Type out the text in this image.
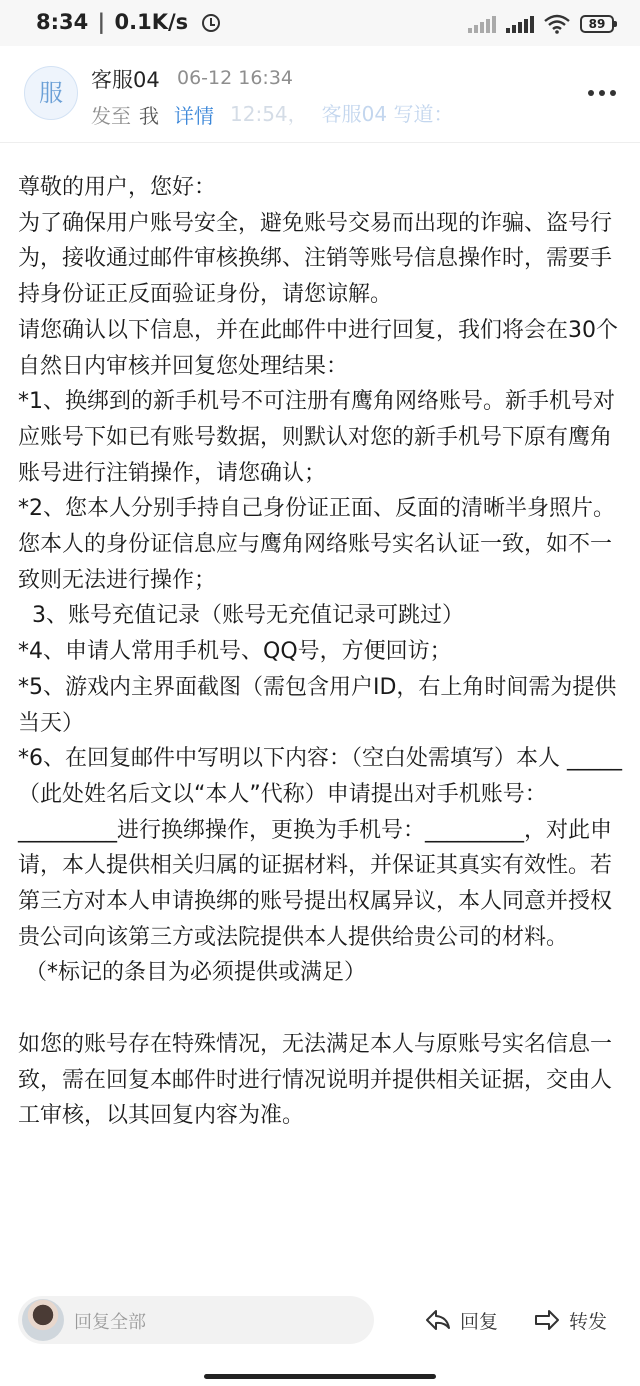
8:34 | 0.1K/s	89
服	客服04 06-12 16:34
12:54， 客服04 写道：
发至 我 详情

尊敬的用户，您好：

为了确保用户账号安全，避免账号交易而出现的诈骗、盗号行为，接收通过邮件审核换绑、注销等账号信息操作时，需要手持身份证正反面验证身份，请您谅解。

请您确认以下信息，并在此邮件中进行回复，我们将会在30个自然日内审核并回复您处理结果：

*1、换绑到的新手机号不可注册有鹰角网络账号。新手机号对应账号下如已有账号数据，则默认对您的新手机号下原有鹰角账号进行注销操作，请您确认；

*2、您本人分别手持自己身份证正面、反面的清晰半身照片。您本人的身份证信息应与鹰角网络账号实名认证一致，如不一致则无法进行操作；

3、账号充值记录（账号无充值记录可跳过）

*4、申请人常用手机号、QQ号，方便回访；

*5、游戏内主界面截图（需包含用户ID，右上角时间需为提供当天）

*6、在回复邮件中写明以下内容：（空白处需填写）本人 _____（此处姓名后文以“本人”代称）申请提出对手机账号：_________进行换绑操作，更换为手机号：_________，对此申请，本人提供相关归属的证据材料，并保证其真实有效性。若第三方对本人申请换绑的账号提出权属异议，本人同意并授权贵公司向该第三方或法院提供本人提供给贵公司的材料。

（*标记的条目为必须提供或满足）

如您的账号存在特殊情况，无法满足本人与原账号实名信息一致，需在回复本邮件时进行情况说明并提供相关证据，交由人工审核，以其回复内容为准。

回复全部	回复	转发
